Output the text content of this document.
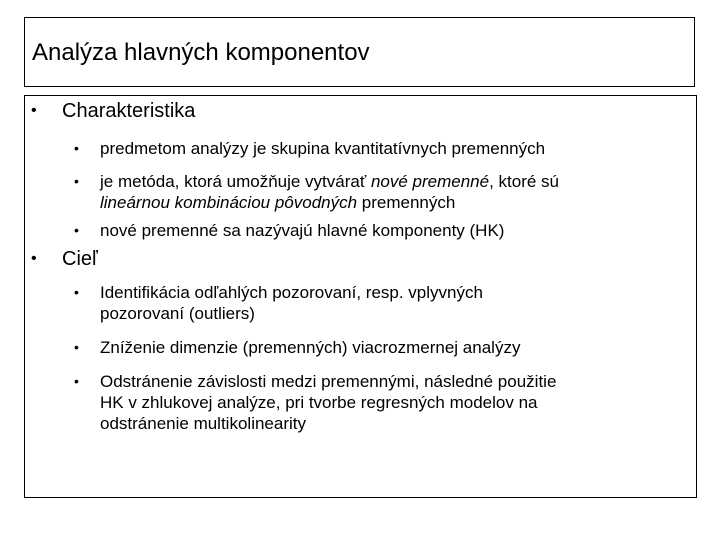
Analýza hlavných komponentov
• Charakteristika
• predmetom analýzy je skupina kvantitatívnych premenných
• je metóda, ktorá umožňuje vytvárať nové premenné, ktoré sú
lineárnou kombináciou pôvodných premenných
• nové premenné sa nazývajú hlavné komponenty (HK)
• Cieľ
• Identifikácia odľahlých pozorovaní, resp. vplyvných
pozorovaní (outliers)
• Zníženie dimenzie (premenných) viacrozmernej analýzy
• Odstránenie závislosti medzi premennými, následné použitie
HK v zhlukovej analýze, pri tvorbe regresných modelov na
odstránenie multikolinearity
